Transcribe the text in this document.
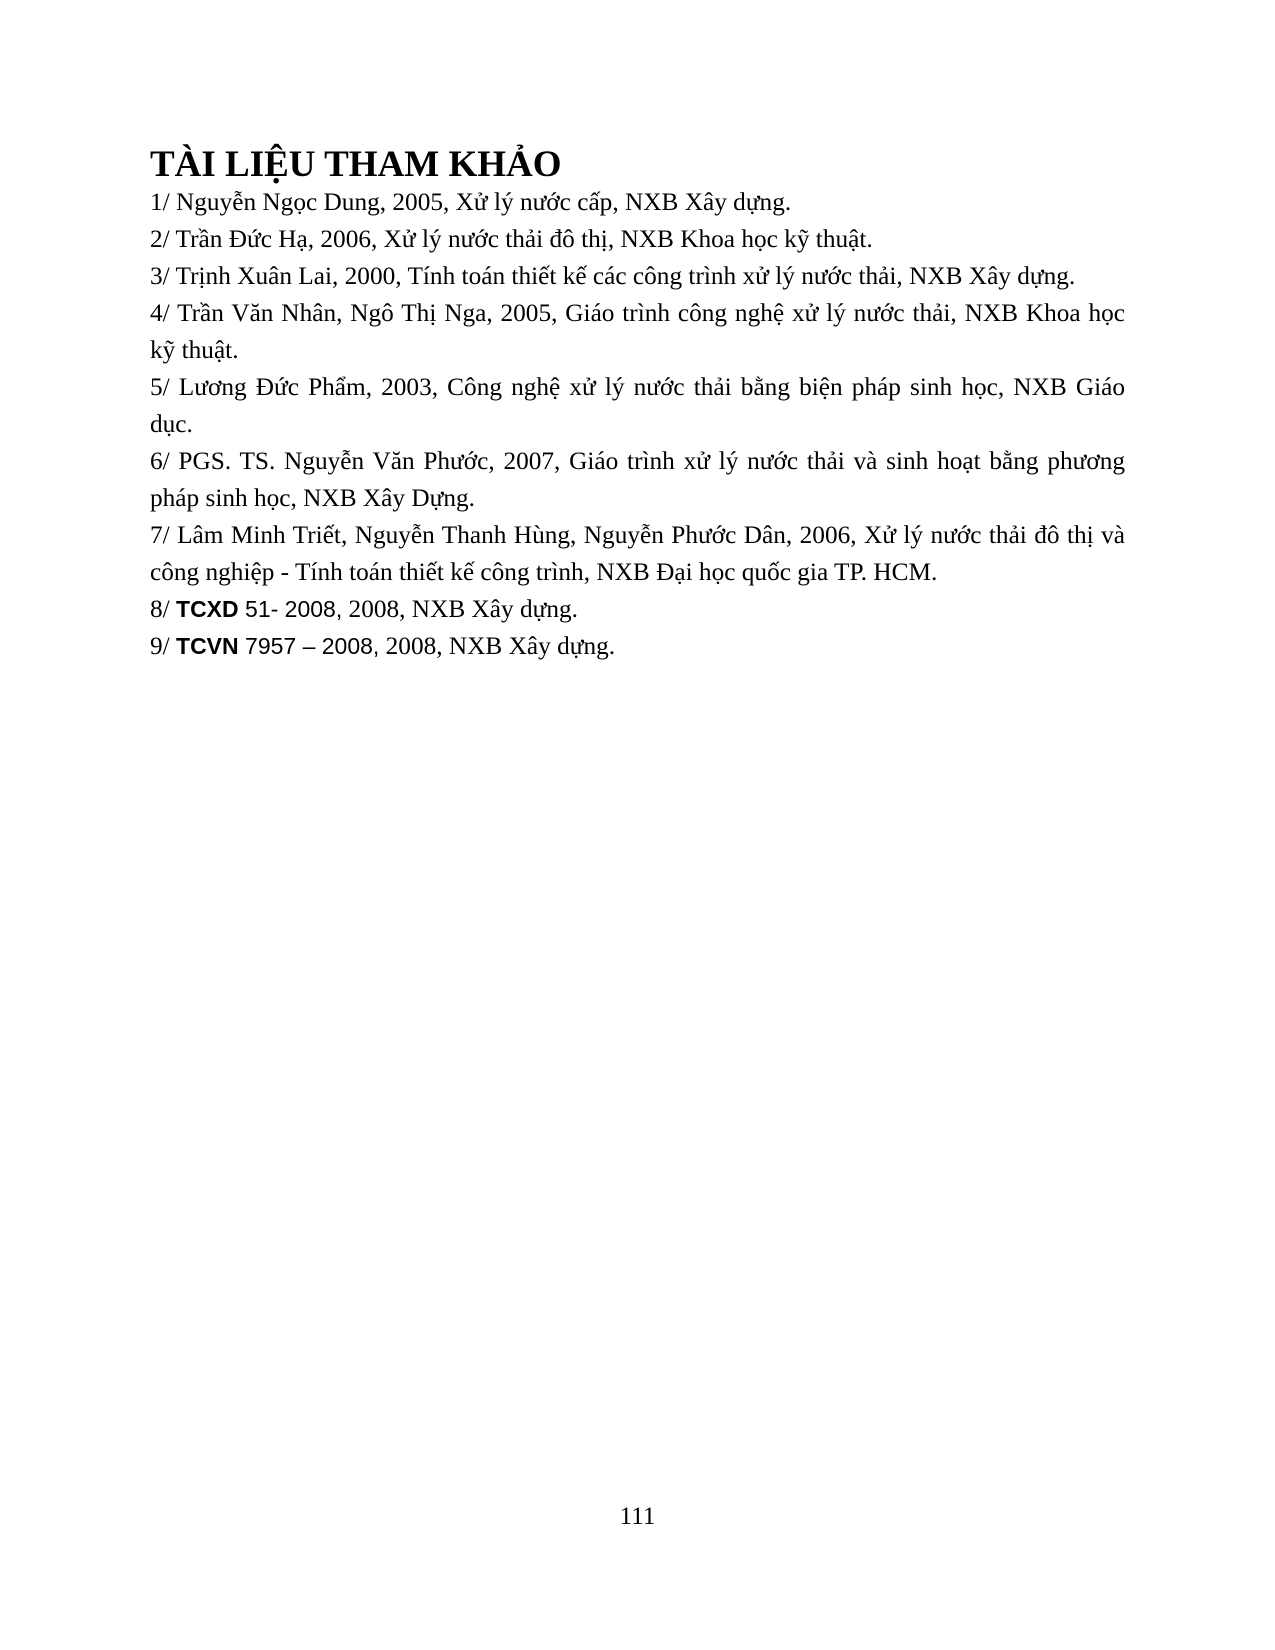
TÀI LIỆU THAM KHẢO

1/ Nguyễn Ngọc Dung, 2005, Xử lý nước cấp, NXB Xây dựng.

2/ Trần Đức Hạ, 2006, Xử lý nước thải đô thị, NXB Khoa học kỹ thuật.

3/ Trịnh Xuân Lai, 2000, Tính toán thiết kế các công trình xử lý nước thải, NXB Xây dựng.

4/ Trần Văn Nhân, Ngô Thị Nga, 2005, Giáo trình công nghệ xử lý nước thải, NXB Khoa học kỹ thuật.

5/ Lương Đức Phẩm, 2003, Công nghệ xử lý nước thải bằng biện pháp sinh học, NXB Giáo dục.

6/ PGS. TS. Nguyễn Văn Phước, 2007, Giáo trình xử lý nước thải và sinh hoạt bằng phương pháp sinh học, NXB Xây Dựng.

7/ Lâm Minh Triết, Nguyễn Thanh Hùng, Nguyễn Phước Dân, 2006, Xử lý nước thải đô thị và công nghiệp - Tính toán thiết kế công trình, NXB Đại học quốc gia TP. HCM.

8/ TCXD 51- 2008, 2008, NXB Xây dựng.

9/ TCVN 7957 – 2008, 2008, NXB Xây dựng.

111
